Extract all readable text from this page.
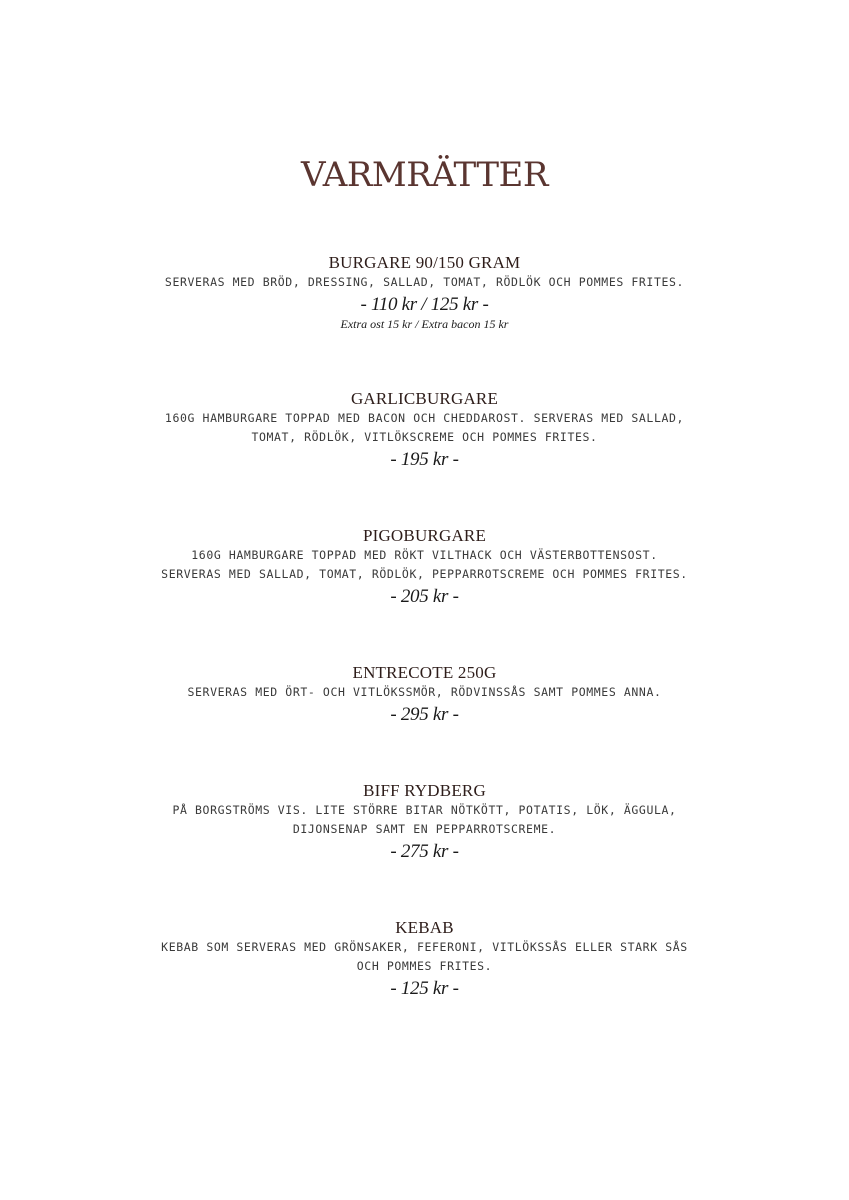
VARMRÄTTER
BURGARE 90/150 GRAM
SERVERAS MED BRÖD, DRESSING, SALLAD, TOMAT, RÖDLÖK OCH POMMES FRITES.
- 110 kr / 125 kr -
Extra ost 15 kr / Extra bacon 15 kr
GARLICBURGARE
160G HAMBURGARE TOPPAD MED BACON OCH CHEDDAROST. SERVERAS MED SALLAD,
TOMAT, RÖDLÖK, VITLÖKSCREME OCH POMMES FRITES.
- 195 kr -
PIGOBURGARE
160G HAMBURGARE TOPPAD MED RÖKT VILTHACK OCH VÄSTERBOTTENSOST.
SERVERAS MED SALLAD, TOMAT, RÖDLÖK, PEPPARROTSCREME OCH POMMES FRITES.
- 205 kr -
ENTRECOTE 250G
SERVERAS MED ÖRT- OCH VITLÖKSSMÖR, RÖDVINSSÅS SAMT POMMES ANNA.
- 295 kr -
BIFF RYDBERG
PÅ BORGSTRÖMS VIS. LITE STÖRRE BITAR NÖTKÖTT, POTATIS, LÖK, ÄGGULA,
DIJONSENAP SAMT EN PEPPARROTSCREME.
- 275 kr -
KEBAB
KEBAB SOM SERVERAS MED GRÖNSAKER, FEFERONI, VITLÖKSSÅS ELLER STARK SÅS
OCH POMMES FRITES.
- 125 kr -
